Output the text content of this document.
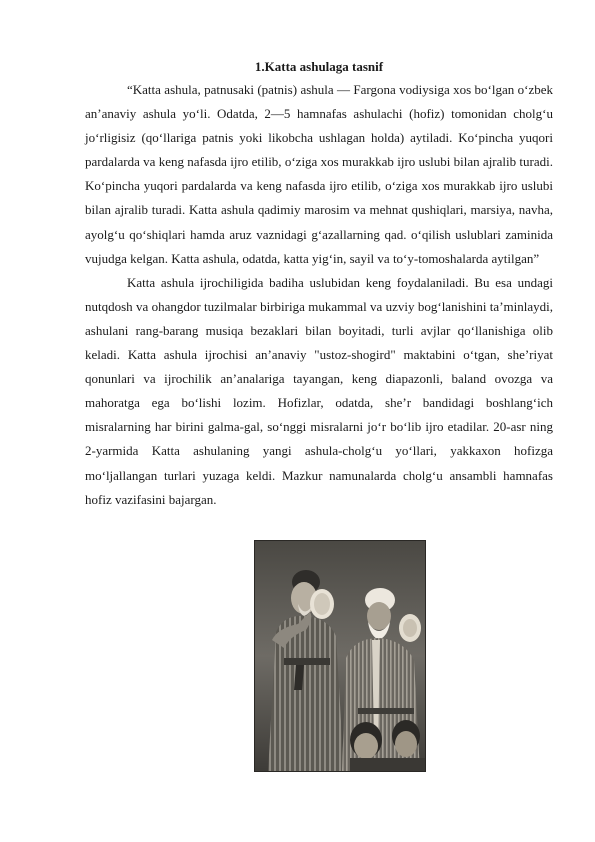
1.Katta ashulaga tasnif

“Katta ashula, patnusaki (patnis) ashula — Fargona vodiysiga xos bo‘lgan o‘zbek an’anaviy ashula yo‘li. Odatda, 2—5 hamnafas ashulachi (hofiz) tomonidan cholg‘u jo‘rligisiz (qo‘llariga patnis yoki likobcha ushlagan holda) aytiladi. Ko‘pincha yuqori pardalarda va keng nafasda ijro etilib, o‘ziga xos murakkab ijro uslubi bilan ajralib turadi. Ko‘pincha yuqori pardalarda va keng nafasda ijro etilib, o‘ziga xos murakkab ijro uslubi bilan ajralib turadi. Katta ashula qadimiy marosim va mehnat qushiqlari, marsiya, navha, ayolg‘u qo‘shiqlari hamda aruz vaznidagi g‘azallarning qad. o‘qilish uslublari zaminida vujudga kelgan. Katta ashula, odatda, katta yig‘in, sayil va to‘y-tomoshalarda aytilgan”

Katta ashula ijrochiligida badiha uslubidan keng foydalaniladi. Bu esa undagi nutqdosh va ohangdor tuzilmalar birbiriga mukammal va uzviy bog‘lanishini ta’minlaydi, ashulani rang-barang musiqa bezaklari bilan boyitadi, turli avjlar qo‘llanishiga olib keladi. Katta ashula ijrochisi an’anaviy "ustoz-shogird" maktabini o‘tgan, she’riyat qonunlari va ijrochilik an’analariga tayangan, keng diapazonli, baland ovozga va mahoratga ega bo‘lishi lozim. Hofizlar, odatda, she’r bandidagi boshlang‘ich misralarning har birini galma-gal, so‘nggi misralarni jo‘r bo‘lib ijro etadilar. 20-asr ning 2-yarmida Katta ashulaning yangi ashula-cholg‘u yo‘llari, yakkaxon hofizga mo‘ljallangan turlari yuzaga keldi. Mazkur namunalarda cholg‘u ansambli hamnafas hofiz vazifasini bajargan.
